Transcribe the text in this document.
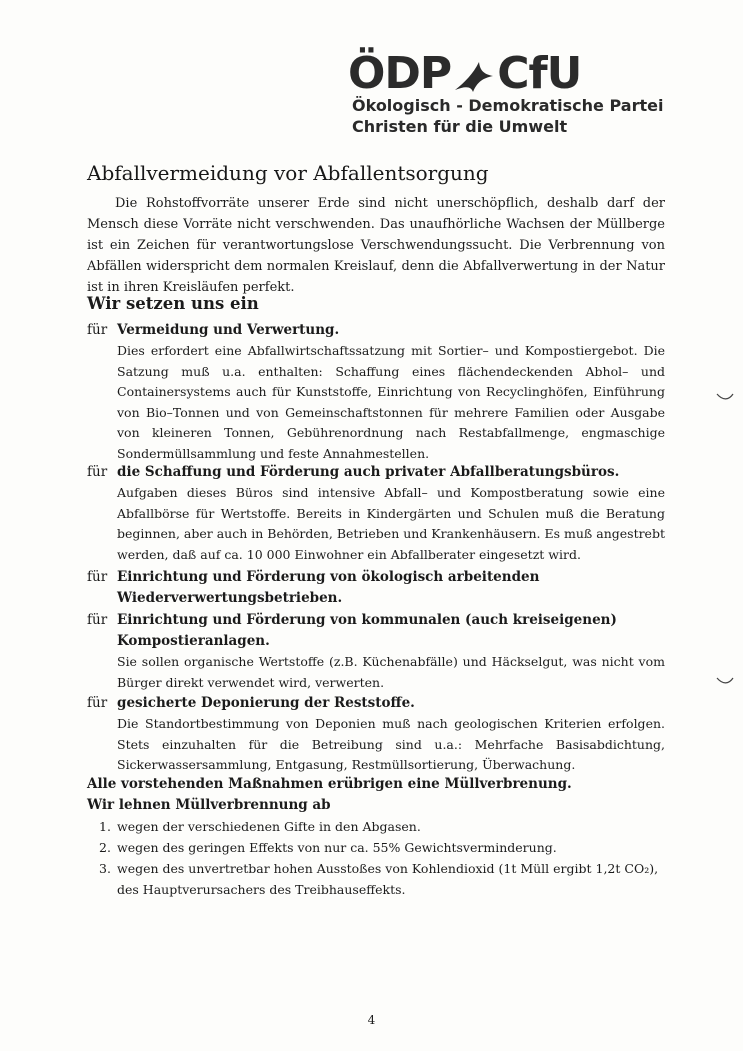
ÖDP CfU
Ökologisch - Demokratische Partei
Christen für die Umwelt
Abfallvermeidung vor Abfallentsorgung

Die Rohstoffvorräte unserer Erde sind nicht unerschöpflich, deshalb darf der Mensch diese Vorräte nicht verschwenden. Das unaufhörliche Wachsen der Müllberge ist ein Zeichen für verantwortungslose Verschwendungssucht. Die Verbrennung von Abfällen widerspricht dem normalen Kreislauf, denn die Abfallverwertung in der Natur ist in ihren Kreisläufen perfekt.

Wir setzen uns ein

für Vermeidung und Verwertung.

Dies erfordert eine Abfallwirtschaftssatzung mit Sortier– und Kompostiergebot. Die Satzung muß u.a. enthalten: Schaffung eines flächendeckenden Abhol– und Containersystems auch für Kunststoffe, Einrichtung von Recyclinghöfen, Einführung von Bio–Tonnen und von Gemeinschaftstonnen für mehrere Familien oder Ausgabe von kleineren Tonnen, Gebührenordnung nach Restabfallmenge, engmaschige Sondermüllsammlung und feste Annahmestellen.

für die Schaffung und Förderung auch privater Abfallberatungsbüros.

Aufgaben dieses Büros sind intensive Abfall– und Kompostberatung sowie eine Abfallbörse für Wertstoffe. Bereits in Kindergärten und Schulen muß die Beratung beginnen, aber auch in Behörden, Betrieben und Krankenhäusern. Es muß angestrebt werden, daß auf ca. 10 000 Einwohner ein Abfallberater eingesetzt wird.

für Einrichtung und Förderung von ökologisch arbeitenden Wiederverwertungsbetrieben.

für Einrichtung und Förderung von kommunalen (auch kreiseigenen) Kompostieranlagen.

Sie sollen organische Wertstoffe (z.B. Küchenabfälle) und Häckselgut, was nicht vom Bürger direkt verwendet wird, verwerten.

für gesicherte Deponierung der Reststoffe.

Die Standortbestimmung von Deponien muß nach geologischen Kriterien erfolgen. Stets einzuhalten für die Betreibung sind u.a.: Mehrfache Basisabdichtung, Sickerwassersammlung, Entgasung, Restmüllsortierung, Überwachung.

Alle vorstehenden Maßnahmen erübrigen eine Müllverbrenung.

Wir lehnen Müllverbrennung ab

1. wegen der verschiedenen Gifte in den Abgasen.
2. wegen des geringen Effekts von nur ca. 55% Gewichtsverminderung.
3. wegen des unvertretbar hohen Ausstoßes von Kohlendioxid (1t Müll ergibt 1,2t CO₂), des Hauptverursachers des Treibhauseffekts.
4
